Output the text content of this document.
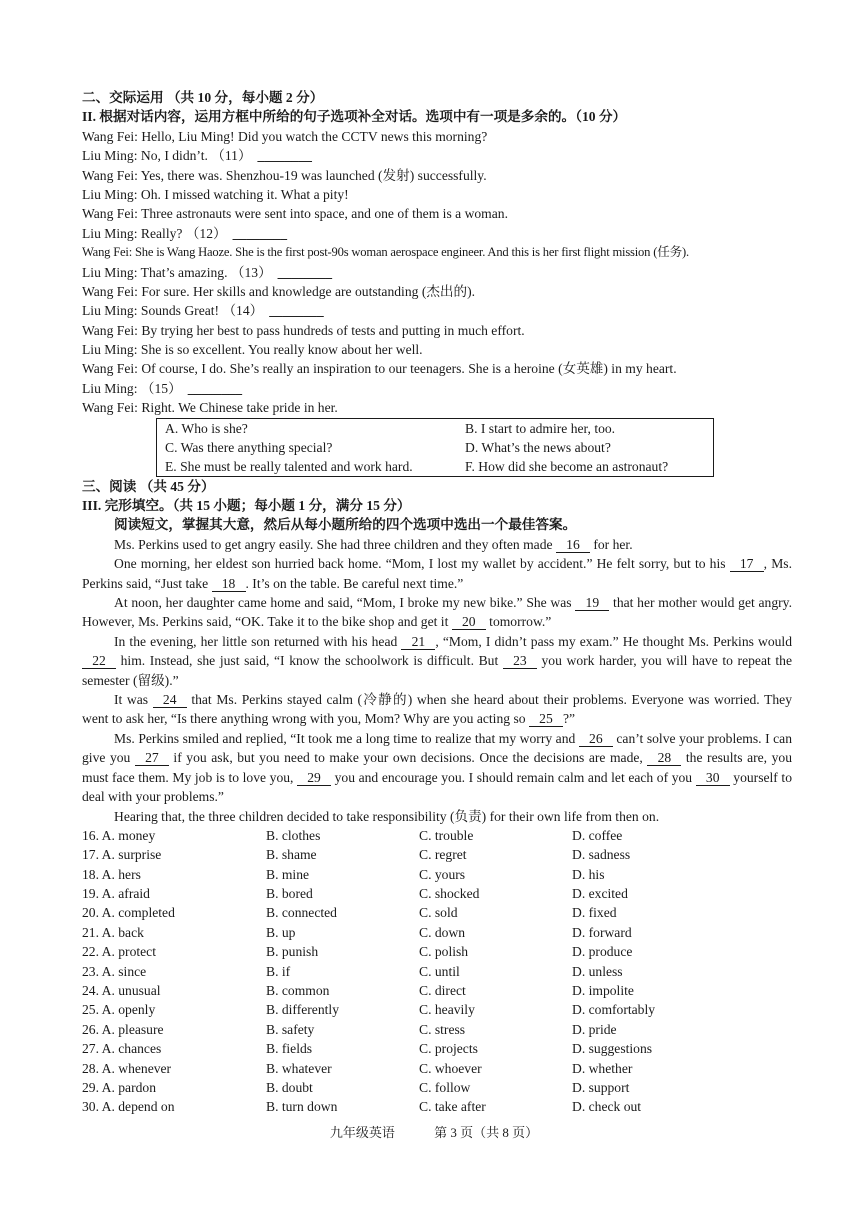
二、交际运用 （共 10 分，每小题 2 分）
II. 根据对话内容，运用方框中所给的句子选项补全对话。选项中有一项是多余的。（10 分）
Wang Fei: Hello, Liu Ming! Did you watch the CCTV news this morning?
Liu Ming: No, I didn’t. （11） ________
Wang Fei: Yes, there was. Shenzhou-19 was launched (发射) successfully.
Liu Ming: Oh. I missed watching it. What a pity!
Wang Fei: Three astronauts were sent into space, and one of them is a woman.
Liu Ming: Really? （12） ________
Wang Fei: She is Wang Haoze. She is the first post-90s woman aerospace engineer. And this is her first flight mission (任务).
Liu Ming: That’s amazing. （13） ________
Wang Fei: For sure. Her skills and knowledge are outstanding (杰出的).
Liu Ming: Sounds Great! （14） ________
Wang Fei: By trying her best to pass hundreds of tests and putting in much effort.
Liu Ming: She is so excellent. You really know about her well.
Wang Fei: Of course, I do. She’s really an inspiration to our teenagers. She is a heroine (女英雄) in my heart.
Liu Ming: （15） ________
Wang Fei: Right. We Chinese take pride in her.
A. Who is she?	B. I start to admire her, too.
C. Was there anything special?	D. What’s the news about?
E. She must be really talented and work hard.	F. How did she become an astronaut?
三、阅读 （共 45 分）
III. 完形填空。（共 15 小题；每小题 1 分，满分 15 分）
阅读短文，掌握其大意，然后从每小题所给的四个选项中选出一个最佳答案。
Ms. Perkins used to get angry easily. She had three children and they often made 16 for her.
One morning, her eldest son hurried back home. “Mom, I lost my wallet by accident.” He felt sorry, but to his 17 , Ms. Perkins said, “Just take 18 . It’s on the table. Be careful next time.”
At noon, her daughter came home and said, “Mom, I broke my new bike.” She was 19 that her mother would get angry. However, Ms. Perkins said, “OK. Take it to the bike shop and get it 20 tomorrow.”
In the evening, her little son returned with his head 21 , “Mom, I didn’t pass my exam.” He thought Ms. Perkins would 22 him. Instead, she just said, “I know the schoolwork is difficult. But 23 you work harder, you will have to repeat the semester (留级).”
It was 24 that Ms. Perkins stayed calm (冷静的) when she heard about their problems. Everyone was worried. They went to ask her, “Is there anything wrong with you, Mom? Why are you acting so 25 ?”
Ms. Perkins smiled and replied, “It took me a long time to realize that my worry and 26 can’t solve your problems. I can give you 27 if you ask, but you need to make your own decisions. Once the decisions are made, 28 the results are, you must face them. My job is to love you, 29 you and encourage you. I should remain calm and let each of you 30 yourself to deal with your problems.”
Hearing that, the three children decided to take responsibility (负责) for their own life from then on.
16. A. money	B. clothes	C. trouble	D. coffee
17. A. surprise	B. shame	C. regret	D. sadness
18. A. hers	B. mine	C. yours	D. his
19. A. afraid	B. bored	C. shocked	D. excited
20. A. completed	B. connected	C. sold	D. fixed
21. A. back	B. up	C. down	D. forward
22. A. protect	B. punish	C. polish	D. produce
23. A. since	B. if	C. until	D. unless
24. A. unusual	B. common	C. direct	D. impolite
25. A. openly	B. differently	C. heavily	D. comfortably
26. A. pleasure	B. safety	C. stress	D. pride
27. A. chances	B. fields	C. projects	D. suggestions
28. A. whenever	B. whatever	C. whoever	D. whether
29. A. pardon	B. doubt	C. follow	D. support
30. A. depend on	B. turn down	C. take after	D. check out
九年级英语	第 3 页（共 8 页）
